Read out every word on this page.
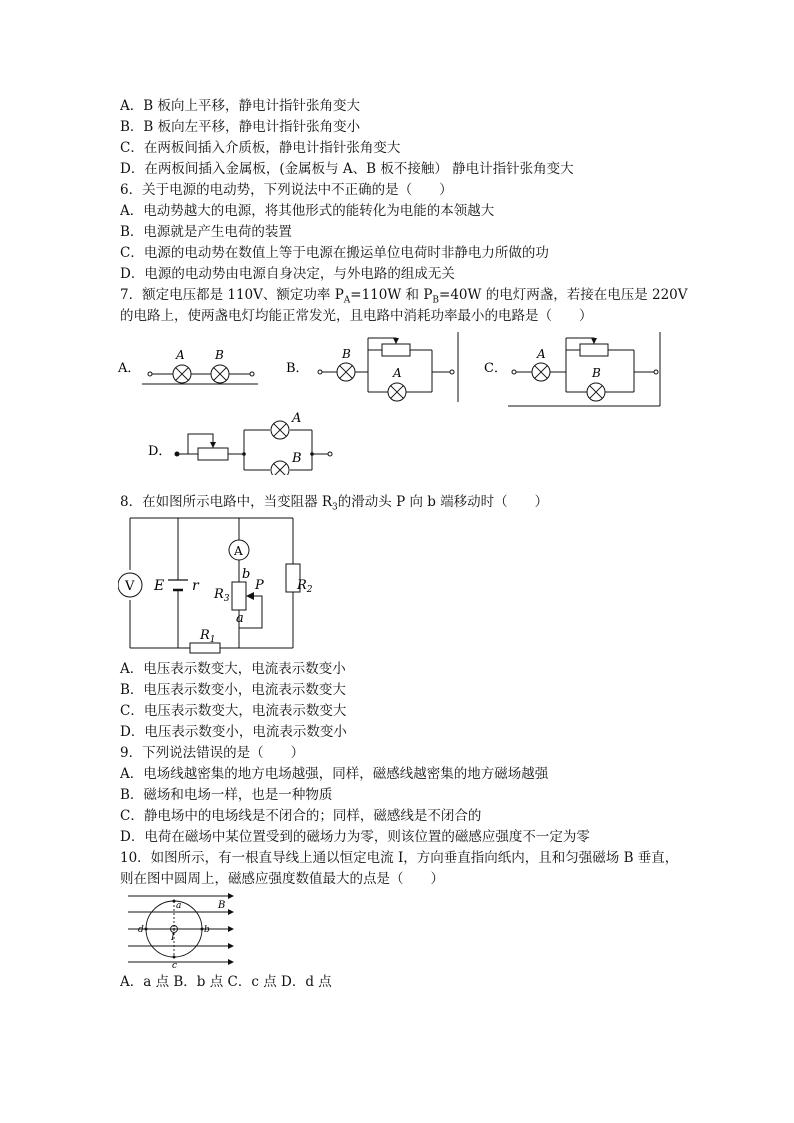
A．B 板向上平移，静电计指针张角变大
B．B 板向左平移，静电计指针张角变小
C．在两板间插入介质板，静电计指针张角变大
D．在两板间插入金属板，(金属板与 A、B 板不接触） 静电计指针张角变大
6．关于电源的电动势，下列说法中不正确的是（　　）
A．电动势越大的电源，将其他形式的能转化为电能的本领越大
B．电源就是产生电荷的装置
C．电源的电动势在数值上等于电源在搬运单位电荷时非静电力所做的功
D．电源的电动势由电源自身决定，与外电路的组成无关
7．额定电压都是 110V、额定功率 $P_A=110W$ 和 $P_B=40W$ 的电灯两盏，若接在电压是 220V
的电路上，使两盏电灯均能正常发光，且电路中消耗功率最小的电路是（　　）
A．
A	B
B．
B
A	C．
A
B
D．
A
B
8．在如图所示电路中，当变阻器 $R_3$的滑动头 P 向 b 端移动时（　　）
V E r
A
b
P
$R_3$
a
$R_2$
$R_1$
A．电压表示数变大，电流表示数变小
B．电压表示数变小，电流表示数变大
C．电压表示数变大，电流表示数变大
D．电压表示数变小，电流表示数变小
9．下列说法错误的是（　　）
A．电场线越密集的地方电场越强，同样，磁感线越密集的地方磁场越强
B．磁场和电场一样，也是一种物质
C．静电场中的电场线是不闭合的；同样，磁感线是不闭合的
D．电荷在磁场中某位置受到的磁场力为零，则该位置的磁感应强度不一定为零
10．如图所示，有一根直导线上通以恒定电流 I，方向垂直指向纸内，且和匀强磁场 B 垂直，
则在图中圆周上，磁感应强度数值最大的点是（　　）
a
b
c
d
I
B
A．a 点 B．b 点 C．c 点 D．d 点
